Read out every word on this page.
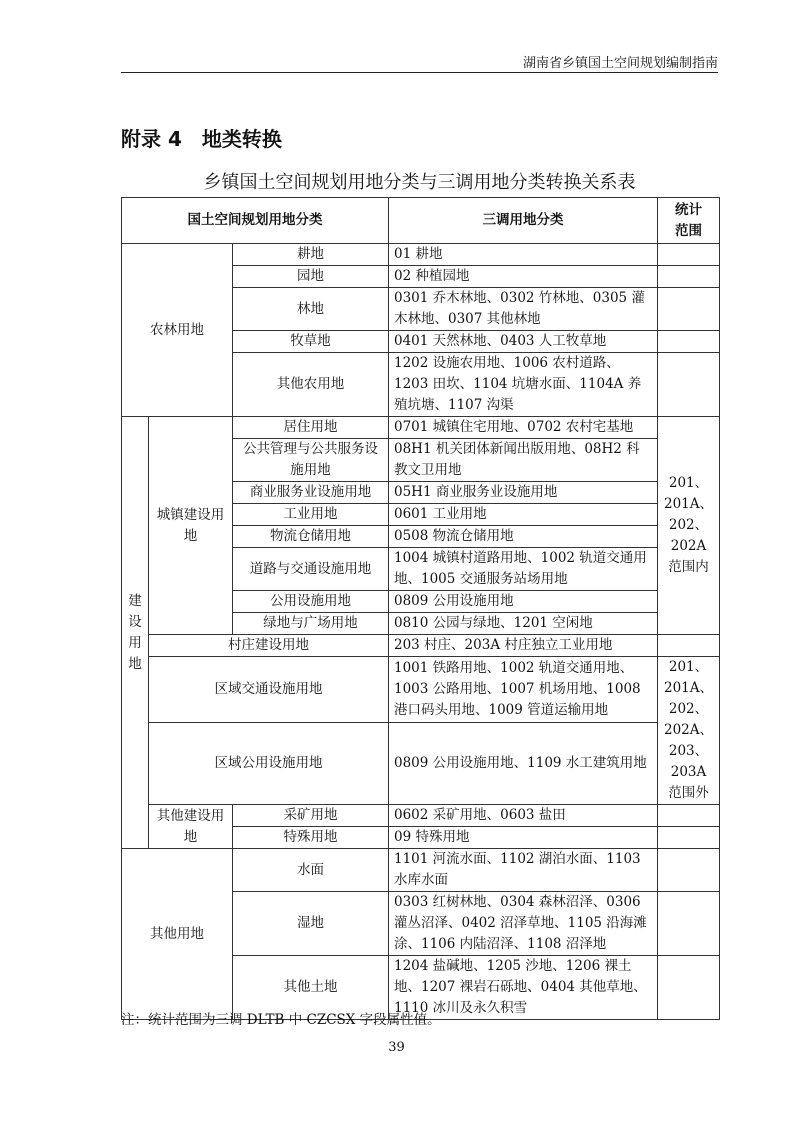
湖南省乡镇国土空间规划编制指南
附录 4　地类转换
乡镇国土空间规划用地分类与三调用地分类转换关系表
国土空间规划用地分类			三调用地分类	统计范围
农林用地		耕地	01 耕地	
		园地	02 种植园地	
		林地	0301 乔木林地、0302 竹林地、0305 灌木林地、0307 其他林地	
		牧草地	0401 天然林地、0403 人工牧草地	
		其他农用地	1202 设施农用地、1006 农村道路、1203 田坎、1104 坑塘水面、1104A 养殖坑塘、1107 沟渠	

建设用地	城镇建设用地	居住用地	0701 城镇住宅用地、0702 农村宅基地	201、201A、202、202A 范围内
		公共管理与公共服务设施用地	08H1 机关团体新闻出版用地、08H2 科教文卫用地	
		商业服务业设施用地	05H1 商业服务业设施用地	
		工业用地	0601 工业用地	
		物流仓储用地	0508 物流仓储用地	
		道路与交通设施用地	1004 城镇村道路用地、1002 轨道交通用地、1005 交通服务站场用地	
		公用设施用地	0809 公用设施用地	
		绿地与广场用地	0810 公园与绿地、1201 空闲地	
	村庄建设用地		203 村庄、203A 村庄独立工业用地	
	区域交通设施用地		1001 铁路用地、1002 轨道交通用地、1003 公路用地、1007 机场用地、1008 港口码头用地、1009 管道运输用地	201、201A、202、202A、203、203A 范围外
	区域公用设施用地		0809 公用设施用地、1109 水工建筑用地	
	其他建设用地	采矿用地	0602 采矿用地、0603 盐田	
		特殊用地	09 特殊用地	
其他用地		水面	1101 河流水面、1102 湖泊水面、1103 水库水面	
		湿地	0303 红树林地、0304 森林沼泽、0306 灌丛沼泽、0402 沼泽草地、1105 沿海滩涂、1106 内陆沼泽、1108 沼泽地	
		其他土地	1204 盐碱地、1205 沙地、1206 裸土地、1207 裸岩石砾地、0404 其他草地、1110 冰川及永久积雪	
注：统计范围为三调 DLTB 中 CZCSX 字段属性值。
39
